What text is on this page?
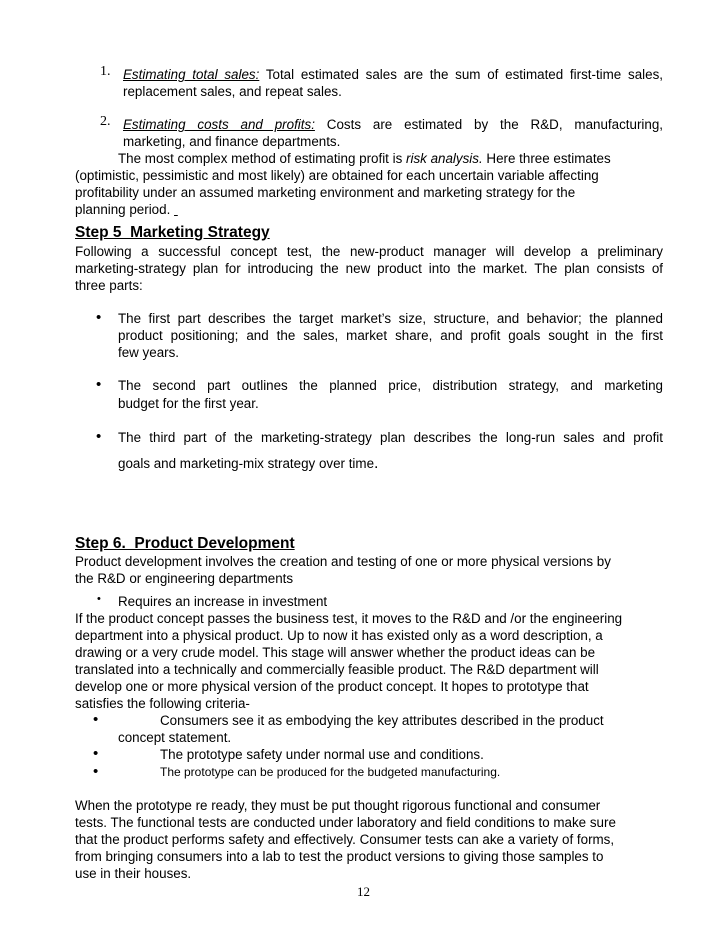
1. Estimating total sales: Total estimated sales are the sum of estimated first-time sales,
replacement sales, and repeat sales.
2. Estimating costs and profits: Costs are estimated by the R&D, manufacturing,
marketing, and finance departments.
The most complex method of estimating profit is risk analysis. Here three estimates
(optimistic, pessimistic and most likely) are obtained for each uncertain variable affecting
profitability under an assumed marketing environment and marketing strategy for the
planning period.
Step 5  Marketing Strategy
Following a successful concept test, the new-product manager will develop a preliminary
marketing-strategy plan for introducing the new product into the market. The plan consists of
three parts:
• The first part describes the target market’s size, structure, and behavior; the planned
product positioning; and the sales, market share, and profit goals sought in the first
few years.
• The second part outlines the planned price, distribution strategy, and marketing
budget for the first year.
• The third part of the marketing-strategy plan describes the long-run sales and profit
goals and marketing-mix strategy over time.
Step 6.  Product Development
Product development involves the creation and testing of one or more physical versions by
the R&D or engineering departments
• Requires an increase in investment
If the product concept passes the business test, it moves to the R&D and /or the engineering
department into a physical product. Up to now it has existed only as a word description, a
drawing or a very crude model. This stage will answer whether the product ideas can be
translated into a technically and commercially feasible product. The R&D department will
develop one or more physical version of the product concept. It hopes to prototype that
satisfies the following criteria-
•	Consumers see it as embodying the key attributes described in the product
concept statement.
•	The prototype safety under normal use and conditions.
•	The prototype can be produced for the budgeted manufacturing.
When the prototype re ready, they must be put thought rigorous functional and consumer
tests. The functional tests are conducted under laboratory and field conditions to make sure
that the product performs safety and effectively. Consumer tests can ake a variety of forms,
from bringing consumers into a lab to test the product versions to giving those samples to
use in their houses.
12
